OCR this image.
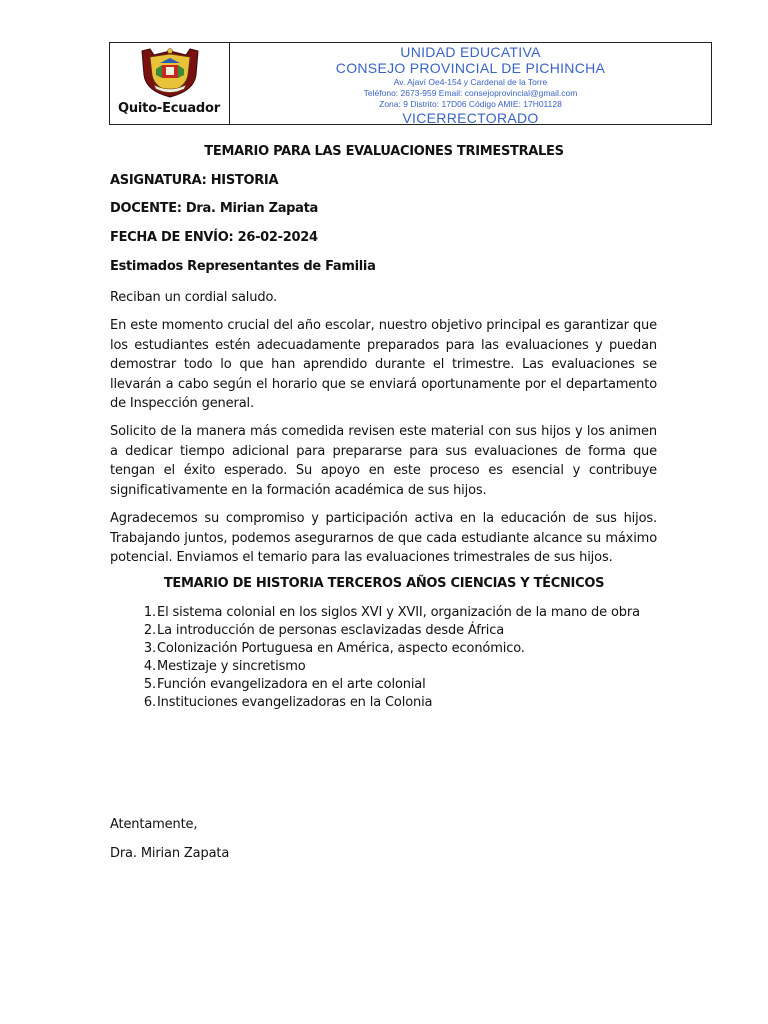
Quito-Ecuador
UNIDAD EDUCATIVA
CONSEJO PROVINCIAL DE PICHINCHA
Av. Ajaví Oe4-154 y Cardenal de la Torre
Teléfono: 2673-959 Email: consejoprovincial@gmail.com
Zona: 9 Distrito: 17D06 Código AMIE: 17H01128
VICERRECTORADO
TEMARIO PARA LAS EVALUACIONES TRIMESTRALES
ASIGNATURA: HISTORIA
DOCENTE: Dra. Mirian Zapata
FECHA DE ENVÍO: 26-02-2024
Estimados Representantes de Familia
Reciban un cordial saludo.
En este momento crucial del año escolar, nuestro objetivo principal es garantizar que los estudiantes estén adecuadamente preparados para las evaluaciones y puedan demostrar todo lo que han aprendido durante el trimestre. Las evaluaciones se llevarán a cabo según el horario que se enviará oportunamente por el departamento de Inspección general.
Solicito de la manera más comedida revisen este material con sus hijos y los animen a dedicar tiempo adicional para prepararse para sus evaluaciones de forma que tengan el éxito esperado. Su apoyo en este proceso es esencial y contribuye significativamente en la formación académica de sus hijos.
Agradecemos su compromiso y participación activa en la educación de sus hijos. Trabajando juntos, podemos asegurarnos de que cada estudiante alcance su máximo potencial. Enviamos el temario para las evaluaciones trimestrales de sus hijos.
TEMARIO DE HISTORIA TERCEROS AÑOS CIENCIAS Y TÉCNICOS
1. El sistema colonial en los siglos XVI y XVII, organización de la mano de obra
2. La introducción de personas esclavizadas desde África
3. Colonización Portuguesa en América, aspecto económico.
4. Mestizaje y sincretismo
5. Función evangelizadora en el arte colonial
6. Instituciones evangelizadoras en la Colonia
Atentamente,
Dra. Mirian Zapata
